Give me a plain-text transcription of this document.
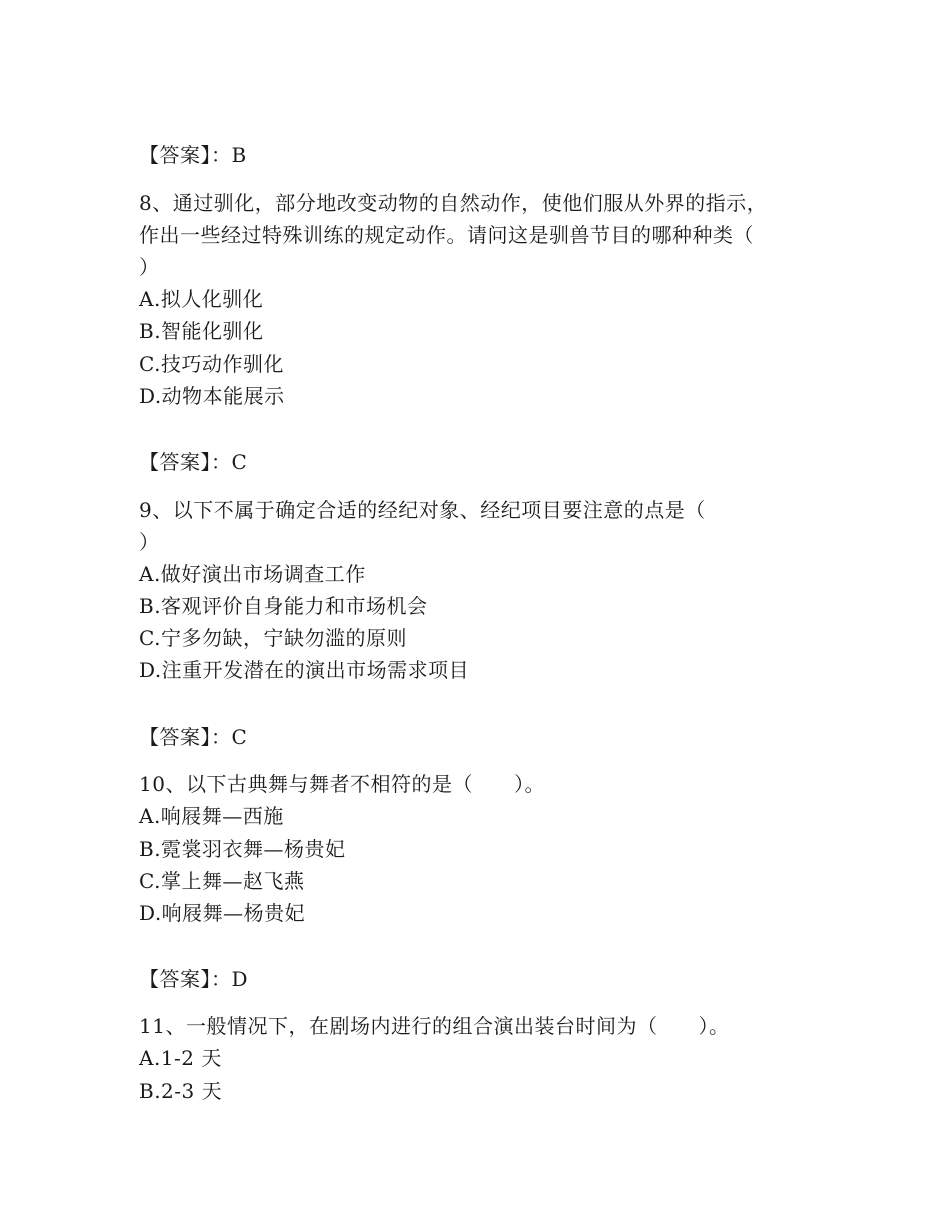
【答案】：B
8、通过驯化，部分地改变动物的自然动作，使他们服从外界的指示，
作出一些经过特殊训练的规定动作。请问这是驯兽节目的哪种种类（
）
A.拟人化驯化
B.智能化驯化
C.技巧动作驯化
D.动物本能展示
【答案】：C
9、以下不属于确定合适的经纪对象、经纪项目要注意的点是（
）
A.做好演出市场调查工作
B.客观评价自身能力和市场机会
C.宁多勿缺，宁缺勿滥的原则
D.注重开发潜在的演出市场需求项目
【答案】：C
10、以下古典舞与舞者不相符的是（　　）。
A.响屐舞—西施
B.霓裳羽衣舞—杨贵妃
C.掌上舞—赵飞燕
D.响屐舞—杨贵妃
【答案】：D
11、一般情况下，在剧场内进行的组合演出装台时间为（　　）。
A.1-2 天
B.2-3 天
